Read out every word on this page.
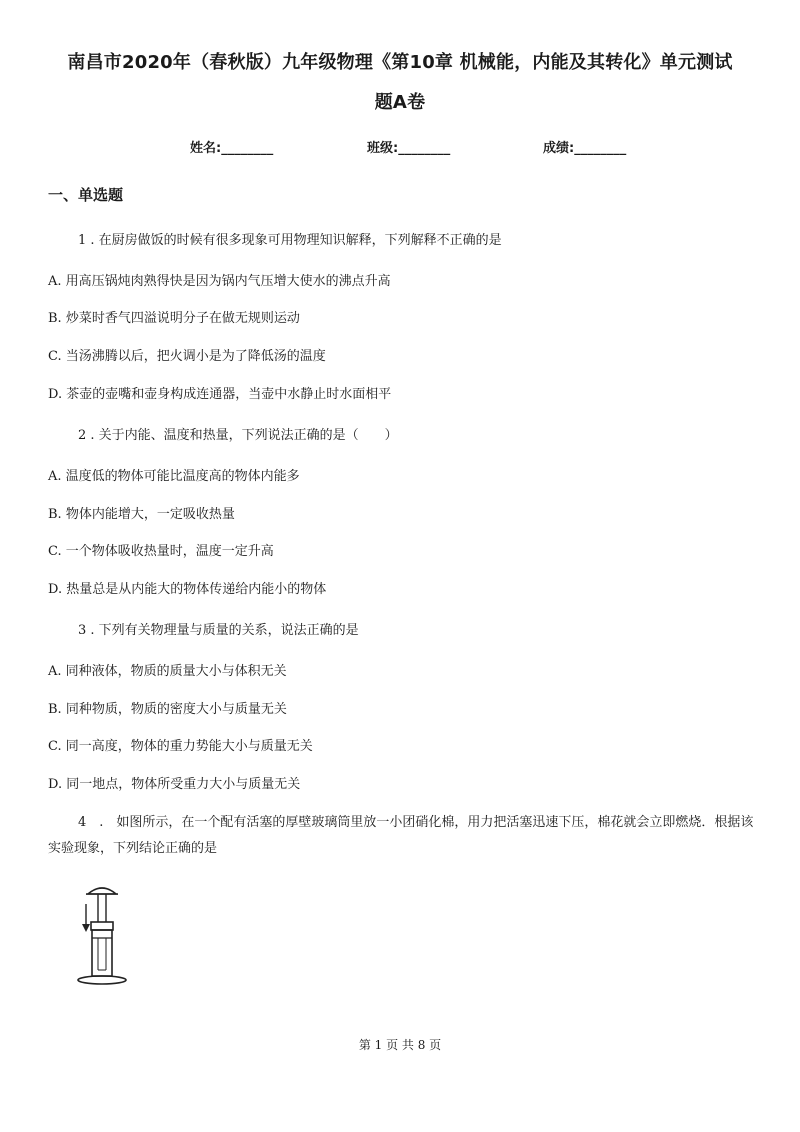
南昌市2020年（春秋版）九年级物理《第10章 机械能，内能及其转化》单元测试
题A卷
姓名:________	班级:________	成绩:________
一、单选题
1 . 在厨房做饭的时候有很多现象可用物理知识解释，下列解释不正确的是
A. 用高压锅炖肉熟得快是因为锅内气压增大使水的沸点升高
B. 炒菜时香气四溢说明分子在做无规则运动
C. 当汤沸腾以后，把火调小是为了降低汤的温度
D. 茶壶的壶嘴和壶身构成连通器，当壶中水静止时水面相平
2 . 关于内能、温度和热量，下列说法正确的是（　　）
A. 温度低的物体可能比温度高的物体内能多
B. 物体内能增大，一定吸收热量
C. 一个物体吸收热量时，温度一定升高
D. 热量总是从内能大的物体传递给内能小的物体
3 . 下列有关物理量与质量的关系，说法正确的是
A. 同种液体，物质的质量大小与体积无关
B. 同种物质，物质的密度大小与质量无关
C. 同一高度，物体的重力势能大小与质量无关
D. 同一地点，物体所受重力大小与质量无关
4　.　如图所示，在一个配有活塞的厚壁玻璃筒里放一小团硝化棉，用力把活塞迅速下压，棉花就会立即燃烧．根据该实验现象，下列结论正确的是
第 1 页 共 8 页
